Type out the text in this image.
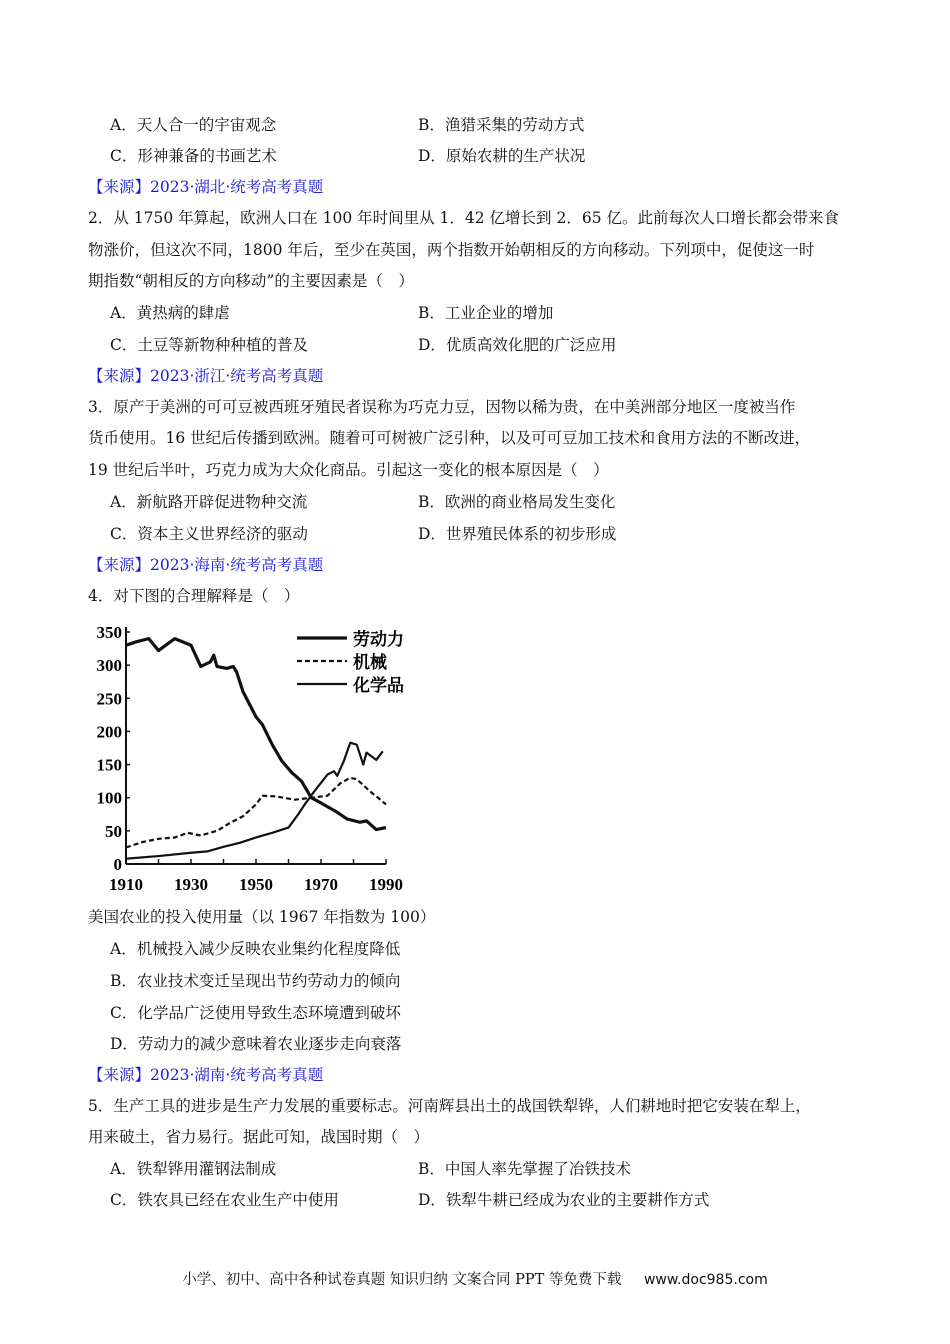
A．天人合一的宇宙观念	B．渔猎采集的劳动方式
C．形神兼备的书画艺术	D．原始农耕的生产状况
【来源】2023·湖北·统考高考真题
2．从 1750 年算起，欧洲人口在 100 年时间里从 1．42 亿增长到 2．65 亿。此前每次人口增长都会带来食
物涨价，但这次不同，1800 年后，至少在英国，两个指数开始朝相反的方向移动。下列项中，促使这一时
期指数“朝相反的方向移动”的主要因素是（　）
A．黄热病的肆虐	B．工业企业的增加
C．土豆等新物种种植的普及	D．优质高效化肥的广泛应用
【来源】2023·浙江·统考高考真题
3．原产于美洲的可可豆被西班牙殖民者误称为巧克力豆，因物以稀为贵，在中美洲部分地区一度被当作
货币使用。16 世纪后传播到欧洲。随着可可树被广泛引种，以及可可豆加工技术和食用方法的不断改进，
19 世纪后半叶，巧克力成为大众化商品。引起这一变化的根本原因是（　）
A．新航路开辟促进物种交流	B．欧洲的商业格局发生变化
C．资本主义世界经济的驱动	D．世界殖民体系的初步形成
【来源】2023·海南·统考高考真题
4．对下图的合理解释是（　）
0
50
100
150
200
250
300
350
1910 1930 1950 1970 1990
劳动力
机械
化学品
美国农业的投入使用量（以 1967 年指数为 100）
A．机械投入减少反映农业集约化程度降低
B．农业技术变迁呈现出节约劳动力的倾向
C．化学品广泛使用导致生态环境遭到破坏
D．劳动力的减少意味着农业逐步走向衰落
【来源】2023·湖南·统考高考真题
5．生产工具的进步是生产力发展的重要标志。河南辉县出土的战国铁犁铧，人们耕地时把它安装在犁上，
用来破土，省力易行。据此可知，战国时期（　）
A．铁犁铧用灌钢法制成	B．中国人率先掌握了冶铁技术
C．铁农具已经在农业生产中使用	D．铁犁牛耕已经成为农业的主要耕作方式
小学、初中、高中各种试卷真题 知识归纳 文案合同 PPT 等免费下载 www.doc985.com
